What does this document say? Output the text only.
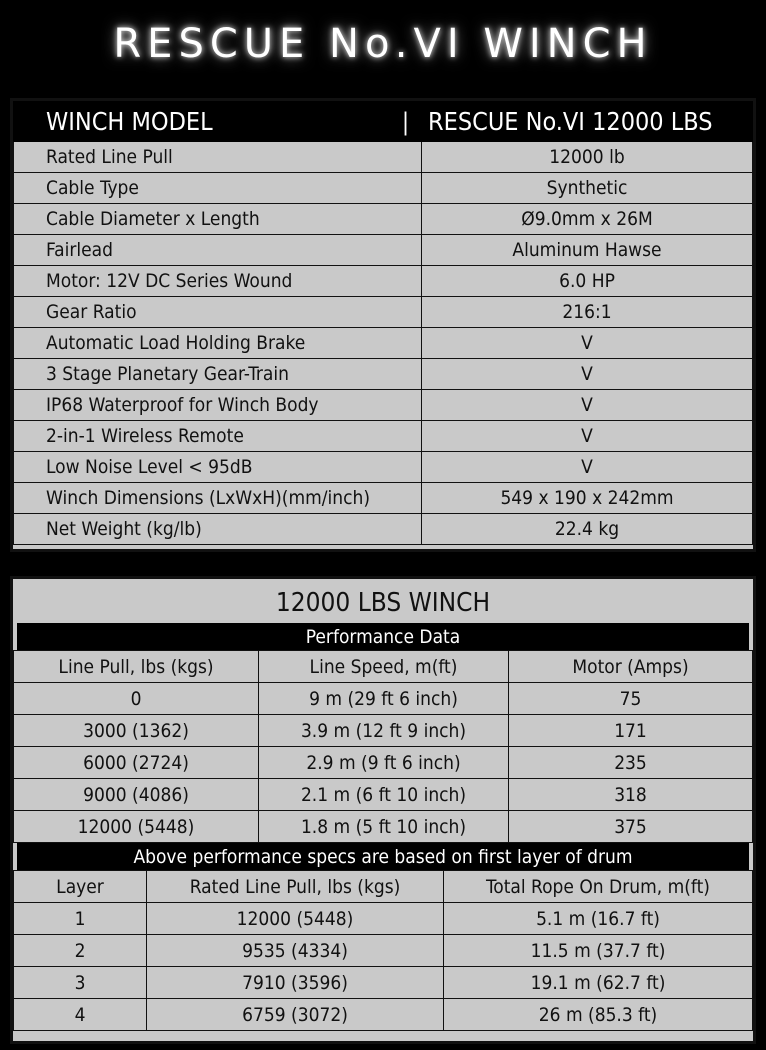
RESCUE No.VI WINCH
WINCH MODEL	|	RESCUE No.VI 12000 LBS
Rated Line Pull		12000 lb
Cable Type		Synthetic
Cable Diameter x Length		Ø9.0mm x 26M
Fairlead		Aluminum Hawse
Motor: 12V DC Series Wound		6.0 HP
Gear Ratio		216:1
Automatic Load Holding Brake		V
3 Stage Planetary Gear-Train		V
IP68 Waterproof for Winch Body		V
2-in-1 Wireless Remote		V
Low Noise Level < 95dB		V
Winch Dimensions (LxWxH)(mm/inch)		549 x 190 x 242mm
Net Weight (kg/lb)		22.4 kg
12000 LBS WINCH
Performance Data
Line Pull, lbs (kgs)	Line Speed, m(ft)	Motor (Amps)
0	9 m (29 ft 6 inch)	75
3000 (1362)	3.9 m (12 ft 9 inch)	171
6000 (2724)	2.9 m (9 ft 6 inch)	235
9000 (4086)	2.1 m (6 ft 10 inch)	318
12000 (5448)	1.8 m (5 ft 10 inch)	375
Above performance specs are based on first layer of drum
Layer	Rated Line Pull, lbs (kgs)	Total Rope On Drum, m(ft)
1	12000 (5448)	5.1 m (16.7 ft)
2	9535 (4334)	11.5 m (37.7 ft)
3	7910 (3596)	19.1 m (62.7 ft)
4	6759 (3072)	26 m (85.3 ft)
